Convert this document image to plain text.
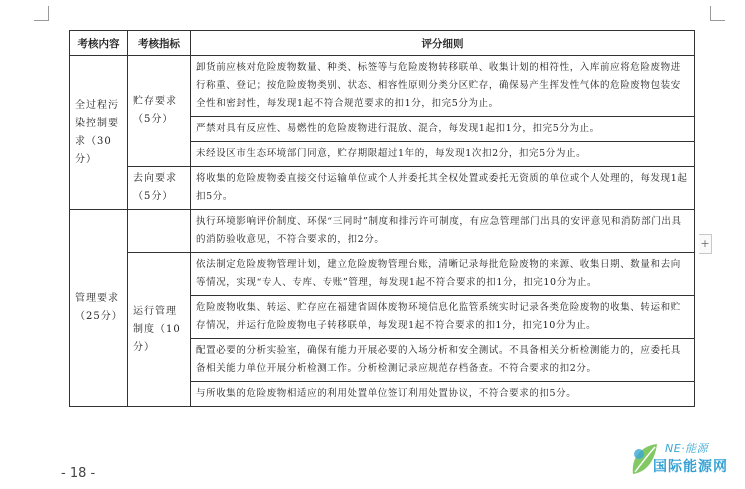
考核内容	考核指标	评分细则
全过程污染控制要求（30分）	贮存要求（5分）	卸货前应核对危险废物数量、种类、标签等与危险废物转移联单、收集计划的相符性，入库前应将危险废物进行称重、登记；按危险废物类别、状态、相容性原则分类分区贮存，确保易产生挥发性气体的危险废物包装安全性和密封性，每发现1起不符合规范要求的扣1分，扣完5分为止。
		严禁对具有反应性、易燃性的危险废物进行混放、混合，每发现1起扣1分，扣完5分为止。
		未经设区市生态环境部门同意，贮存期限超过1年的，每发现1次扣2分，扣完5分为止。
	去向要求（5分）	将收集的危险废物委直接交付运输单位或个人并委托其全权处置或委托无资质的单位或个人处理的，每发现1起扣5分。
管理要求（25分）		执行环境影响评价制度、环保“三同时”制度和排污许可制度，有应急管理部门出具的安评意见和消防部门出具的消防验收意见，不符合要求的，扣2分。
	运行管理制度（10分）	依法制定危险废物管理计划，建立危险废物管理台账，清晰记录每批危险废物的来源、收集日期、数量和去向等情况，实现“专人、专库、专账”管理，每发现1起不符合要求的扣1分，扣完10分为止。
		危险废物收集、转运、贮存应在福建省固体废物环境信息化监管系统实时记录各类危险废物的收集、转运和贮存情况，并运行危险废物电子转移联单，每发现1起不符合要求的扣1分，扣完10分为止。
		配置必要的分析实验室，确保有能力开展必要的入场分析和安全测试。不具备相关分析检测能力的，应委托具备相关能力单位开展分析检测工作。分析检测记录应规范存档备查。不符合要求的扣2分。
		与所收集的危险废物相适应的利用处置单位签订利用处置协议，不符合要求的扣5分。
+
- 18 -
NE·能源
国际能源网
